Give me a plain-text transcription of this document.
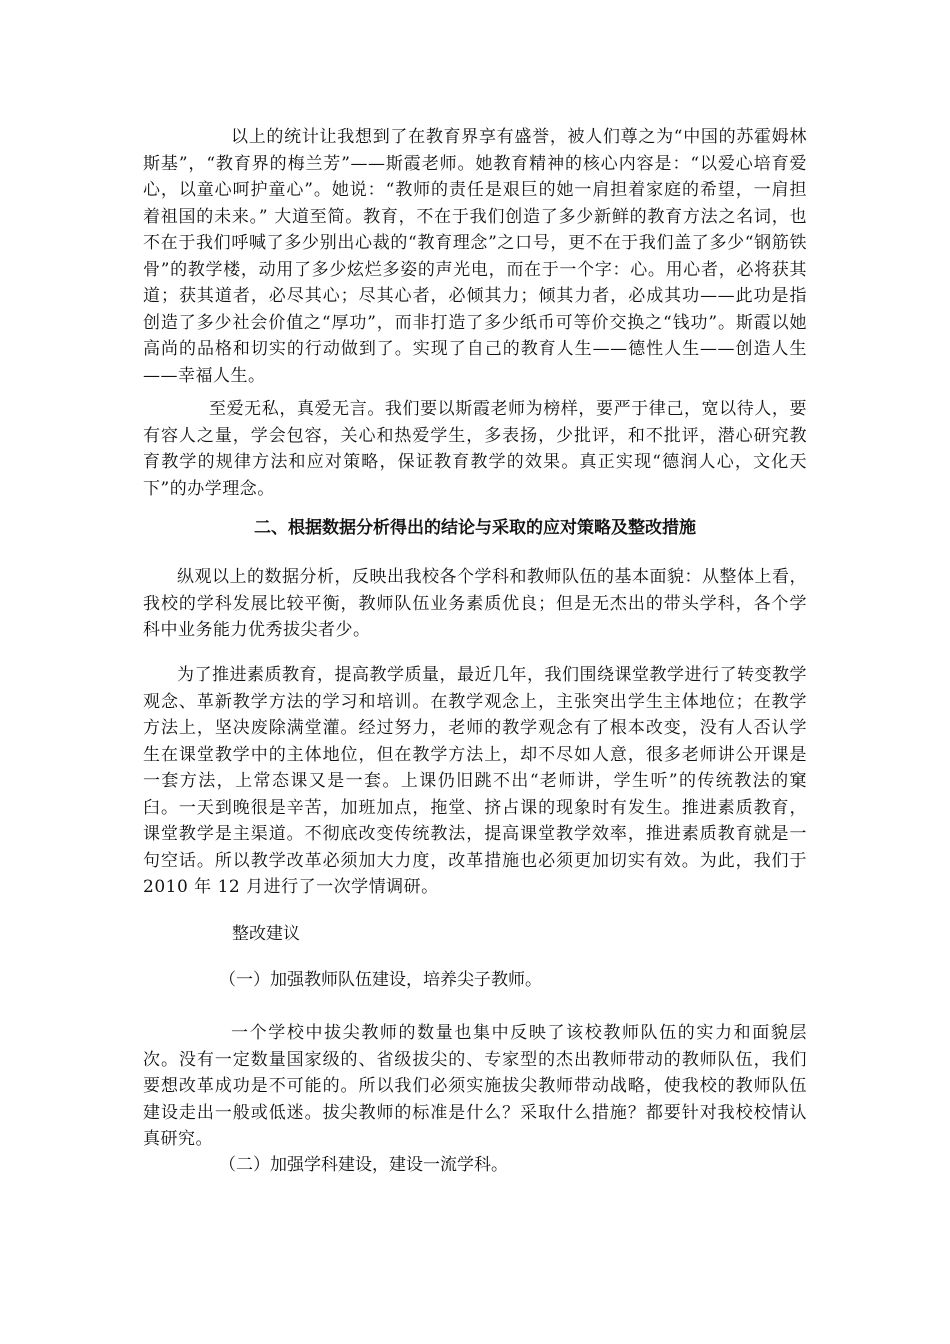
以上的统计让我想到了在教育界享有盛誉，被人们尊之为“中国的苏霍姆林斯基”，“教育界的梅兰芳”——斯霞老师。她教育精神的核心内容是：“以爱心培育爱心，以童心呵护童心”。她说：“教师的责任是艰巨的她一肩担着家庭的希望，一肩担着祖国的未来。” 大道至简。教育，不在于我们创造了多少新鲜的教育方法之名词，也不在于我们呼喊了多少别出心裁的“教育理念”之口号，更不在于我们盖了多少“钢筋铁骨”的教学楼，动用了多少炫烂多姿的声光电，而在于一个字：心。用心者，必将获其道；获其道者，必尽其心；尽其心者，必倾其力；倾其力者，必成其功——此功是指创造了多少社会价值之“厚功”，而非打造了多少纸币可等价交换之“钱功”。斯霞以她高尚的品格和切实的行动做到了。实现了自己的教育人生——德性人生——创造人生——幸福人生。

至爱无私，真爱无言。我们要以斯霞老师为榜样，要严于律己，宽以待人，要有容人之量，学会包容，关心和热爱学生，多表扬，少批评，和不批评，潜心研究教育教学的规律方法和应对策略，保证教育教学的效果。真正实现“德润人心，文化天下”的办学理念。

二、根据数据分析得出的结论与采取的应对策略及整改措施

纵观以上的数据分析，反映出我校各个学科和教师队伍的基本面貌：从整体上看，我校的学科发展比较平衡，教师队伍业务素质优良；但是无杰出的带头学科，各个学科中业务能力优秀拔尖者少。

为了推进素质教育，提高教学质量，最近几年，我们围绕课堂教学进行了转变教学观念、革新教学方法的学习和培训。在教学观念上，主张突出学生主体地位；在教学方法上，坚决废除满堂灌。经过努力，老师的教学观念有了根本改变，没有人否认学生在课堂教学中的主体地位，但在教学方法上，却不尽如人意，很多老师讲公开课是一套方法，上常态课又是一套。上课仍旧跳不出“老师讲，学生听”的传统教法的窠臼。一天到晚很是辛苦，加班加点，拖堂、挤占课的现象时有发生。推进素质教育，课堂教学是主渠道。不彻底改变传统教法，提高课堂教学效率，推进素质教育就是一句空话。所以教学改革必须加大力度，改革措施也必须更加切实有效。为此，我们于 2010 年 12 月进行了一次学情调研。

整改建议

（一）加强教师队伍建设，培养尖子教师。

一个学校中拔尖教师的数量也集中反映了该校教师队伍的实力和面貌层次。没有一定数量国家级的、省级拔尖的、专家型的杰出教师带动的教师队伍，我们要想改革成功是不可能的。所以我们必须实施拔尖教师带动战略，使我校的教师队伍建设走出一般或低迷。拔尖教师的标准是什么？采取什么措施？都要针对我校校情认真研究。

（二）加强学科建设，建设一流学科。
